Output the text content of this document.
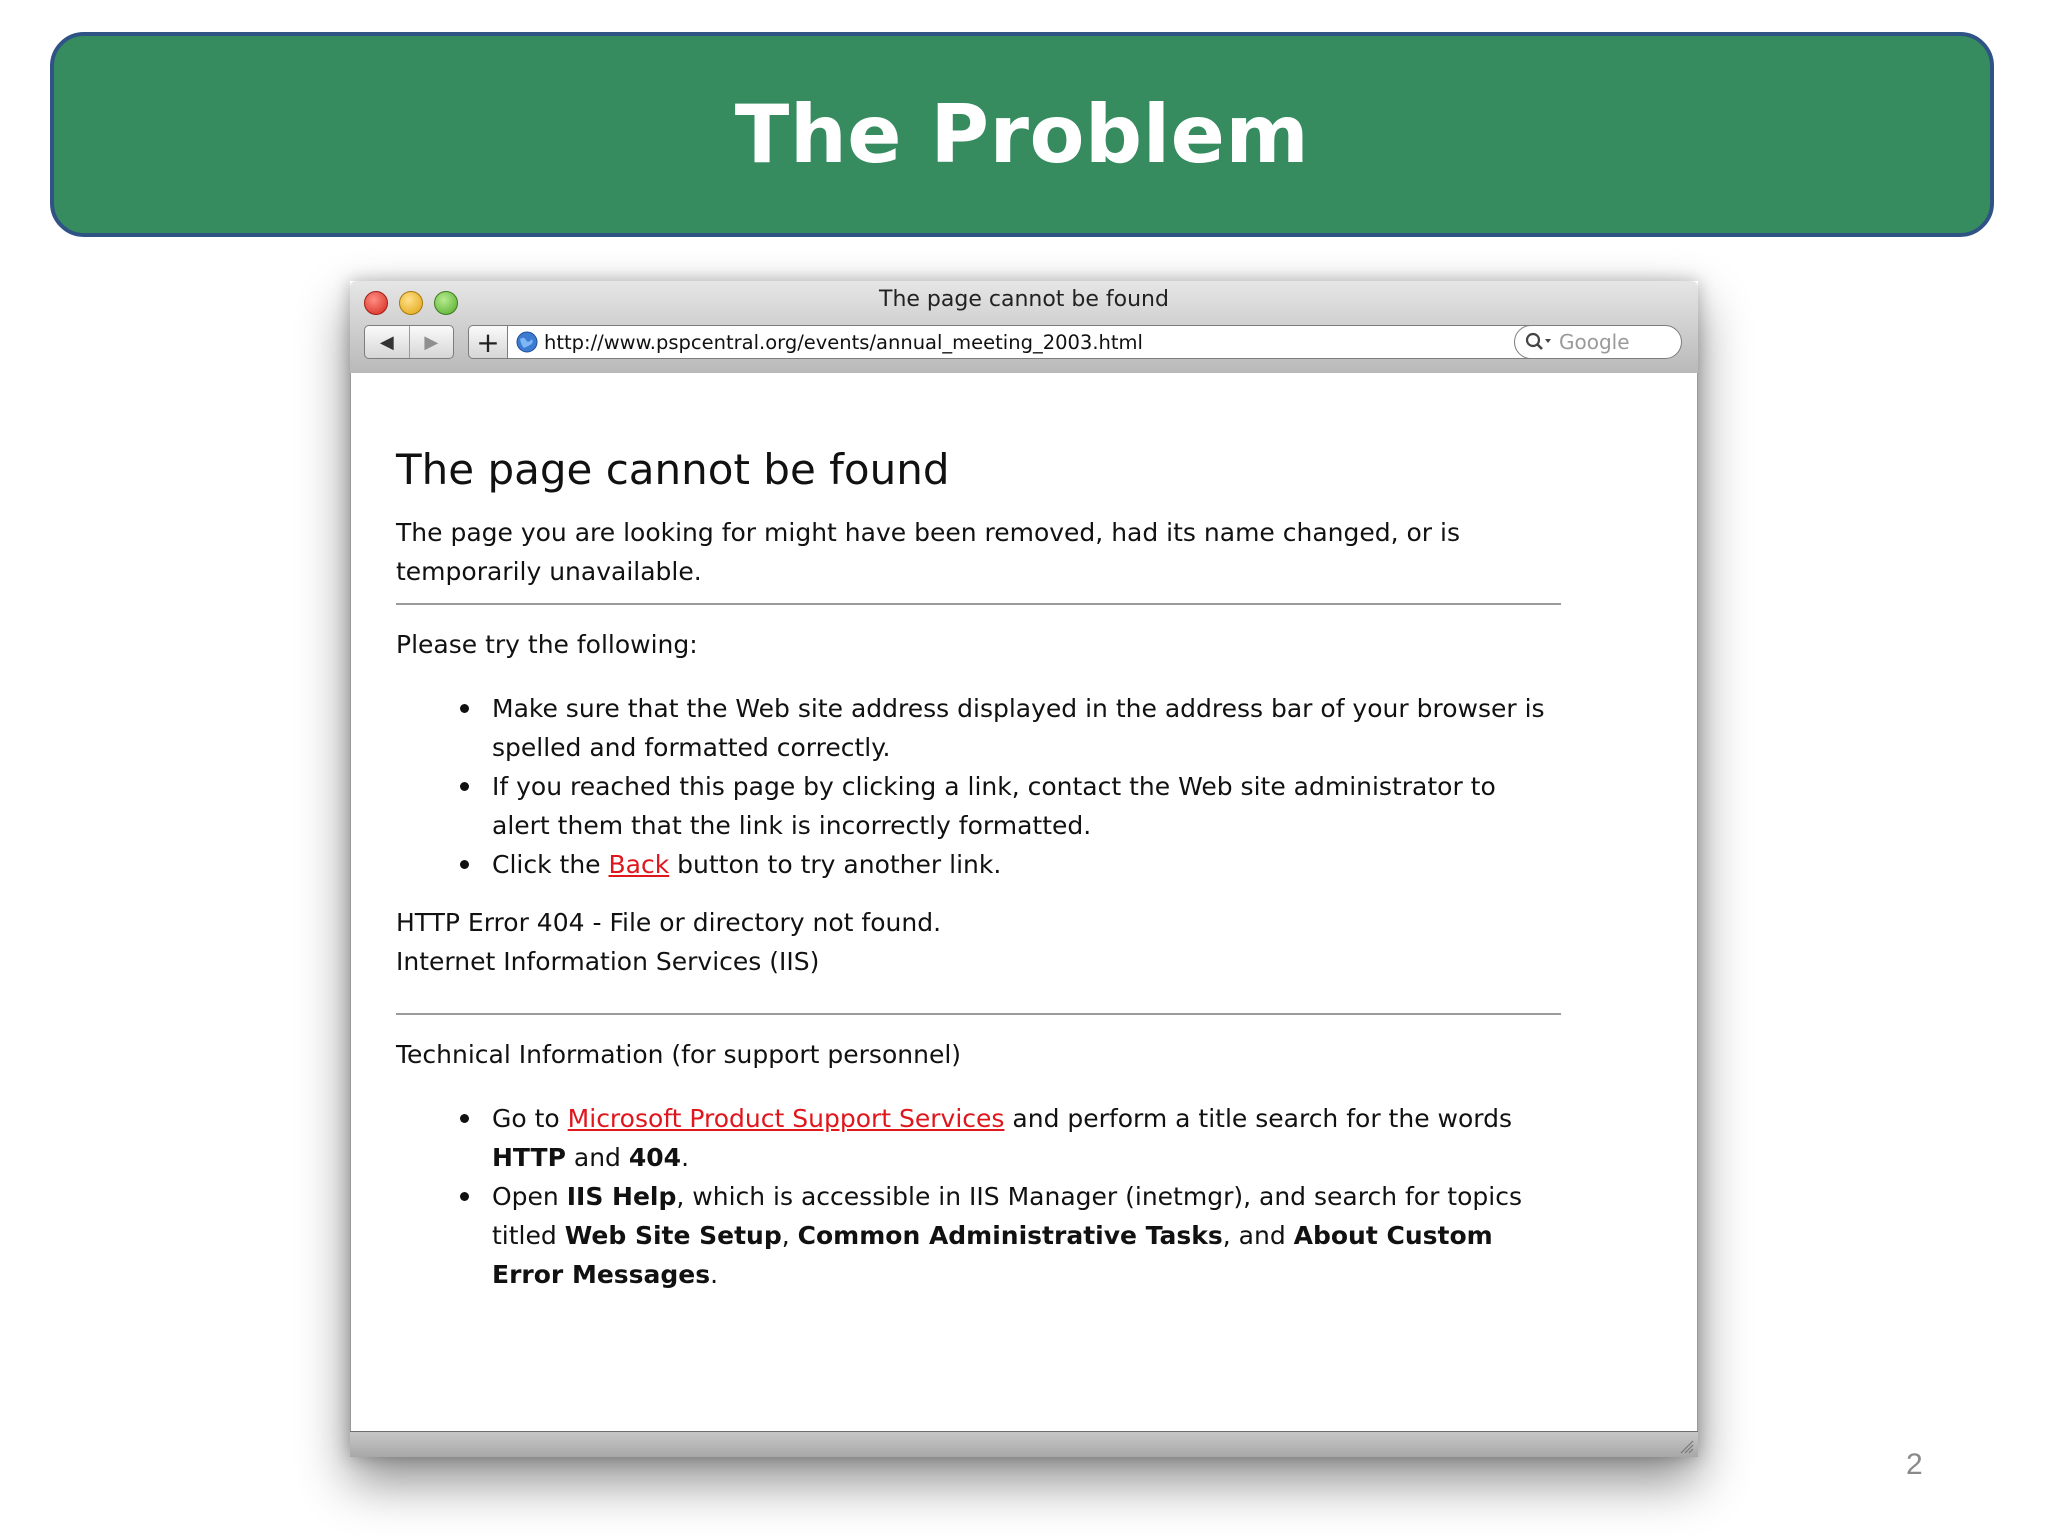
The Problem
The page cannot be found
◀	▶	+	http://www.pspcentral.org/events/annual_meeting_2003.html	Google
The page cannot be found

The page you are looking for might have been removed, had its name changed, or is temporarily unavailable.

Please try the following:

Make sure that the Web site address displayed in the address bar of your browser is spelled and formatted correctly.
If you reached this page by clicking a link, contact the Web site administrator to alert them that the link is incorrectly formatted.
Click the Back button to try another link.

HTTP Error 404 - File or directory not found.

Internet Information Services (IIS)

Technical Information (for support personnel)

Go to Microsoft Product Support Services and perform a title search for the words HTTP and 404.
Open IIS Help, which is accessible in IIS Manager (inetmgr), and search for topics titled Web Site Setup, Common Administrative Tasks, and About Custom Error Messages.
2
